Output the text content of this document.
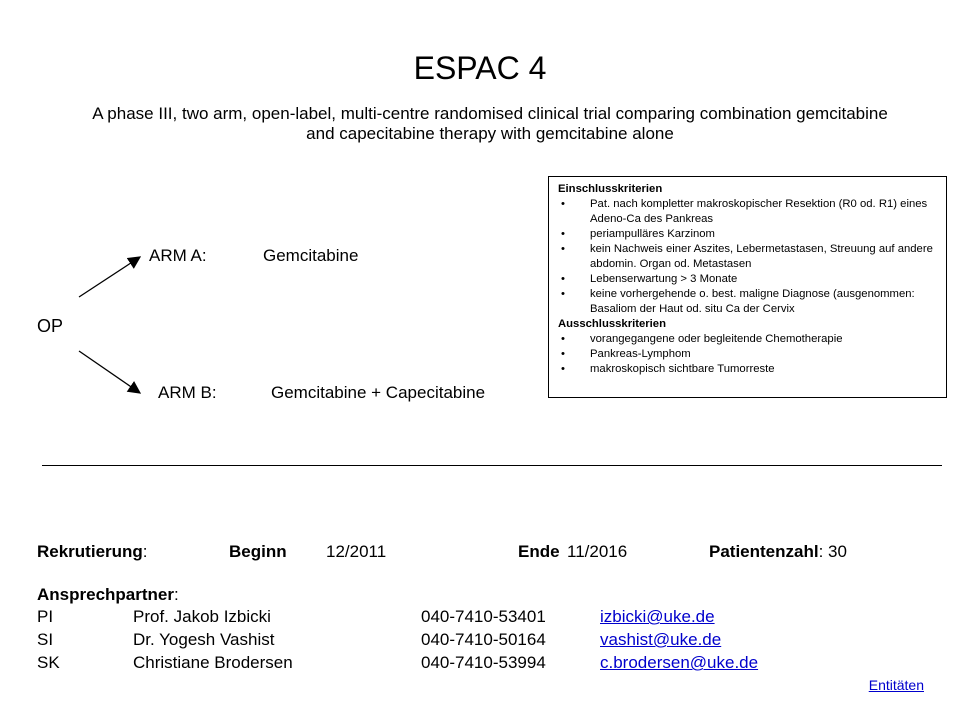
ESPAC 4
A phase III, two arm, open-label, multi-centre randomised clinical trial comparing combination gemcitabine and capecitabine therapy with gemcitabine alone
OP
ARM A:	Gemcitabine
ARM B:	Gemcitabine + Capecitabine
Einschlusskriterien
• Pat. nach kompletter makroskopischer Resektion (R0 od. R1) eines Adeno-Ca des Pankreas
• periampulläres Karzinom
• kein Nachweis einer Aszites, Lebermetastasen, Streuung auf andere abdomin. Organ od. Metastasen
• Lebenserwartung > 3 Monate
• keine vorhergehende o. best. maligne Diagnose (ausgenommen: Basaliom der Haut od. situ Ca der Cervix
Ausschlusskriterien
• vorangegangene oder begleitende Chemotherapie
• Pankreas-Lymphom
• makroskopisch sichtbare Tumorreste
Rekrutierung:	Beginn 12/2011	Ende 11/2016	Patientenzahl: 30
Ansprechpartner:
PI	Prof. Jakob Izbicki	040-7410-53401	izbicki@uke.de
SI	Dr. Yogesh Vashist	040-7410-50164	vashist@uke.de
SK	Christiane Brodersen	040-7410-53994	c.brodersen@uke.de
Entitäten
